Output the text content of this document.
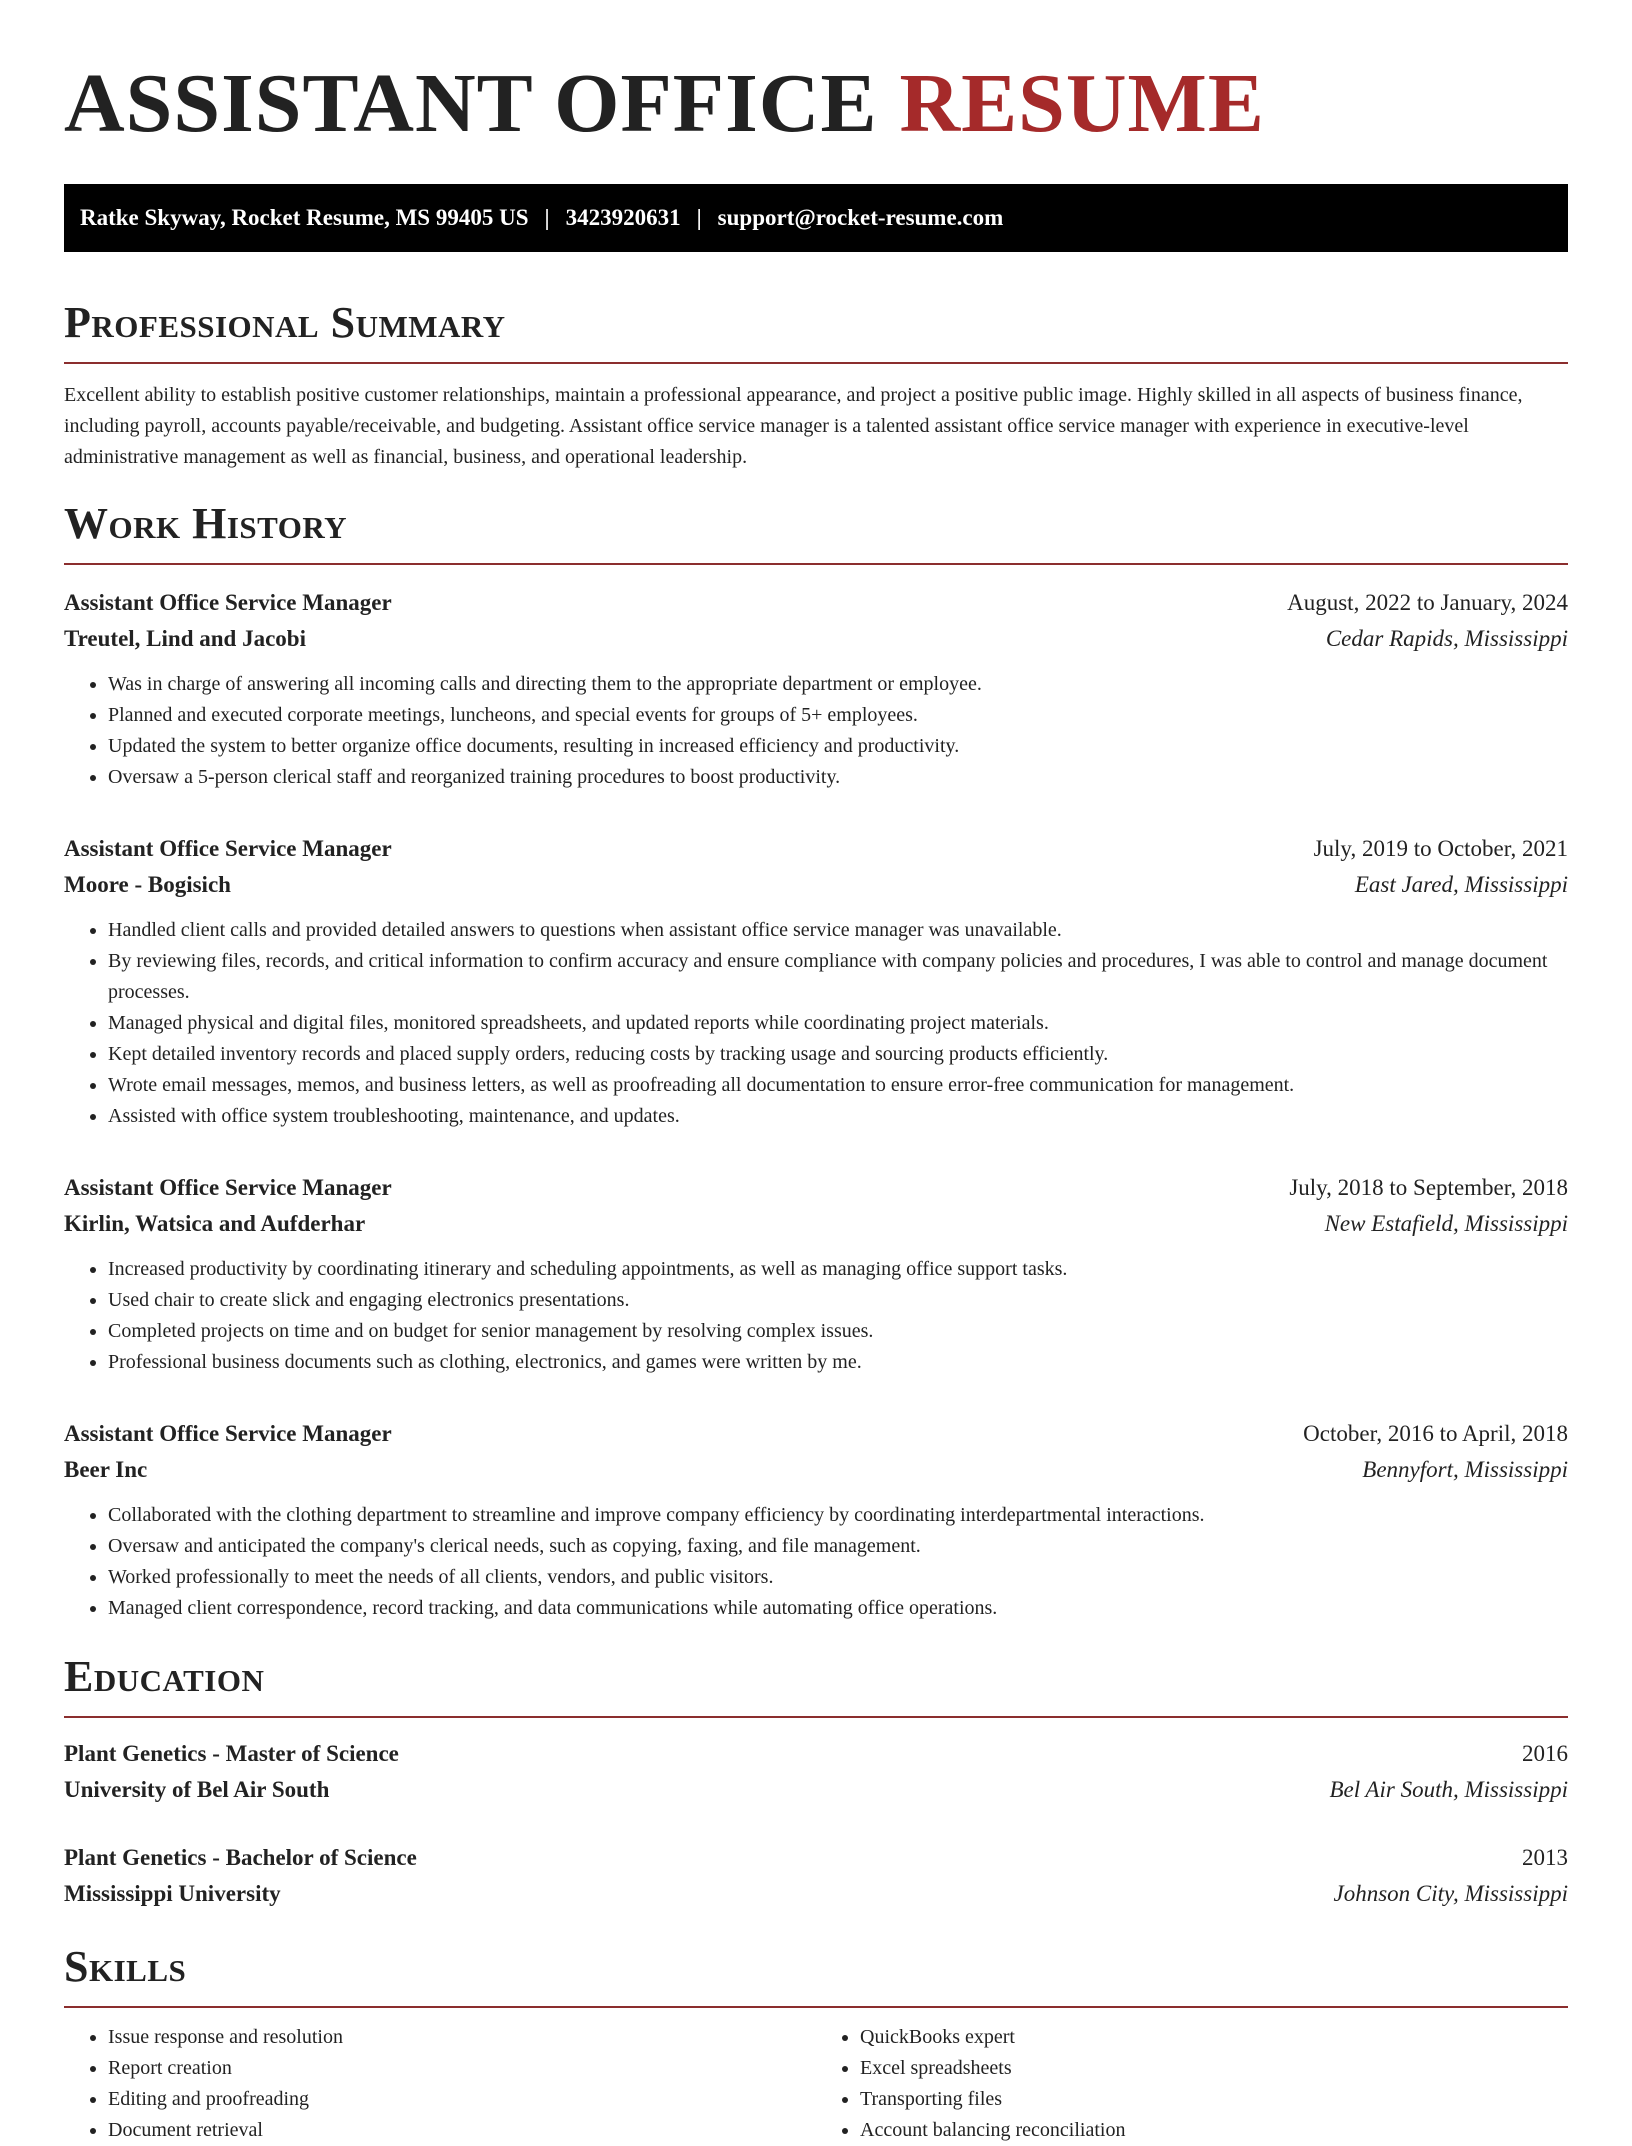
ASSISTANT OFFICE RESUME
Ratke Skyway, Rocket Resume, MS 99405 US | 3423920631 | support@rocket-resume.com
Professional Summary

Excellent ability to establish positive customer relationships, maintain a professional appearance, and project a positive public image. Highly skilled in all aspects of business finance, including payroll, accounts payable/receivable, and budgeting. Assistant office service manager is a talented assistant office service manager with experience in executive-level administrative management as well as financial, business, and operational leadership.

Work History
Assistant Office Service Manager	August, 2022 to January, 2024
Treutel, Lind and Jacobi	Cedar Rapids, Mississippi
• Was in charge of answering all incoming calls and directing them to the appropriate department or employee.
• Planned and executed corporate meetings, luncheons, and special events for groups of 5+ employees.
• Updated the system to better organize office documents, resulting in increased efficiency and productivity.
• Oversaw a 5-person clerical staff and reorganized training procedures to boost productivity.
Assistant Office Service Manager	July, 2019 to October, 2021
Moore - Bogisich	East Jared, Mississippi
• Handled client calls and provided detailed answers to questions when assistant office service manager was unavailable.
• By reviewing files, records, and critical information to confirm accuracy and ensure compliance with company policies and procedures, I was able to control and manage document processes.
• Managed physical and digital files, monitored spreadsheets, and updated reports while coordinating project materials.
• Kept detailed inventory records and placed supply orders, reducing costs by tracking usage and sourcing products efficiently.
• Wrote email messages, memos, and business letters, as well as proofreading all documentation to ensure error-free communication for management.
• Assisted with office system troubleshooting, maintenance, and updates.
Assistant Office Service Manager	July, 2018 to September, 2018
Kirlin, Watsica and Aufderhar	New Estafield, Mississippi
• Increased productivity by coordinating itinerary and scheduling appointments, as well as managing office support tasks.
• Used chair to create slick and engaging electronics presentations.
• Completed projects on time and on budget for senior management by resolving complex issues.
• Professional business documents such as clothing, electronics, and games were written by me.
Assistant Office Service Manager	October, 2016 to April, 2018
Beer Inc	Bennyfort, Mississippi
• Collaborated with the clothing department to streamline and improve company efficiency by coordinating interdepartmental interactions.
• Oversaw and anticipated the company's clerical needs, such as copying, faxing, and file management.
• Worked professionally to meet the needs of all clients, vendors, and public visitors.
• Managed client correspondence, record tracking, and data communications while automating office operations.
Education
Plant Genetics - Master of Science	2016
University of Bel Air South	Bel Air South, Mississippi
Plant Genetics - Bachelor of Science	2013
Mississippi University	Johnson City, Mississippi
Skills
• Issue response and resolution
• Report creation
• Editing and proofreading
• Document retrieval
• QuickBooks expert
• Excel spreadsheets
• Transporting files
• Account balancing reconciliation
